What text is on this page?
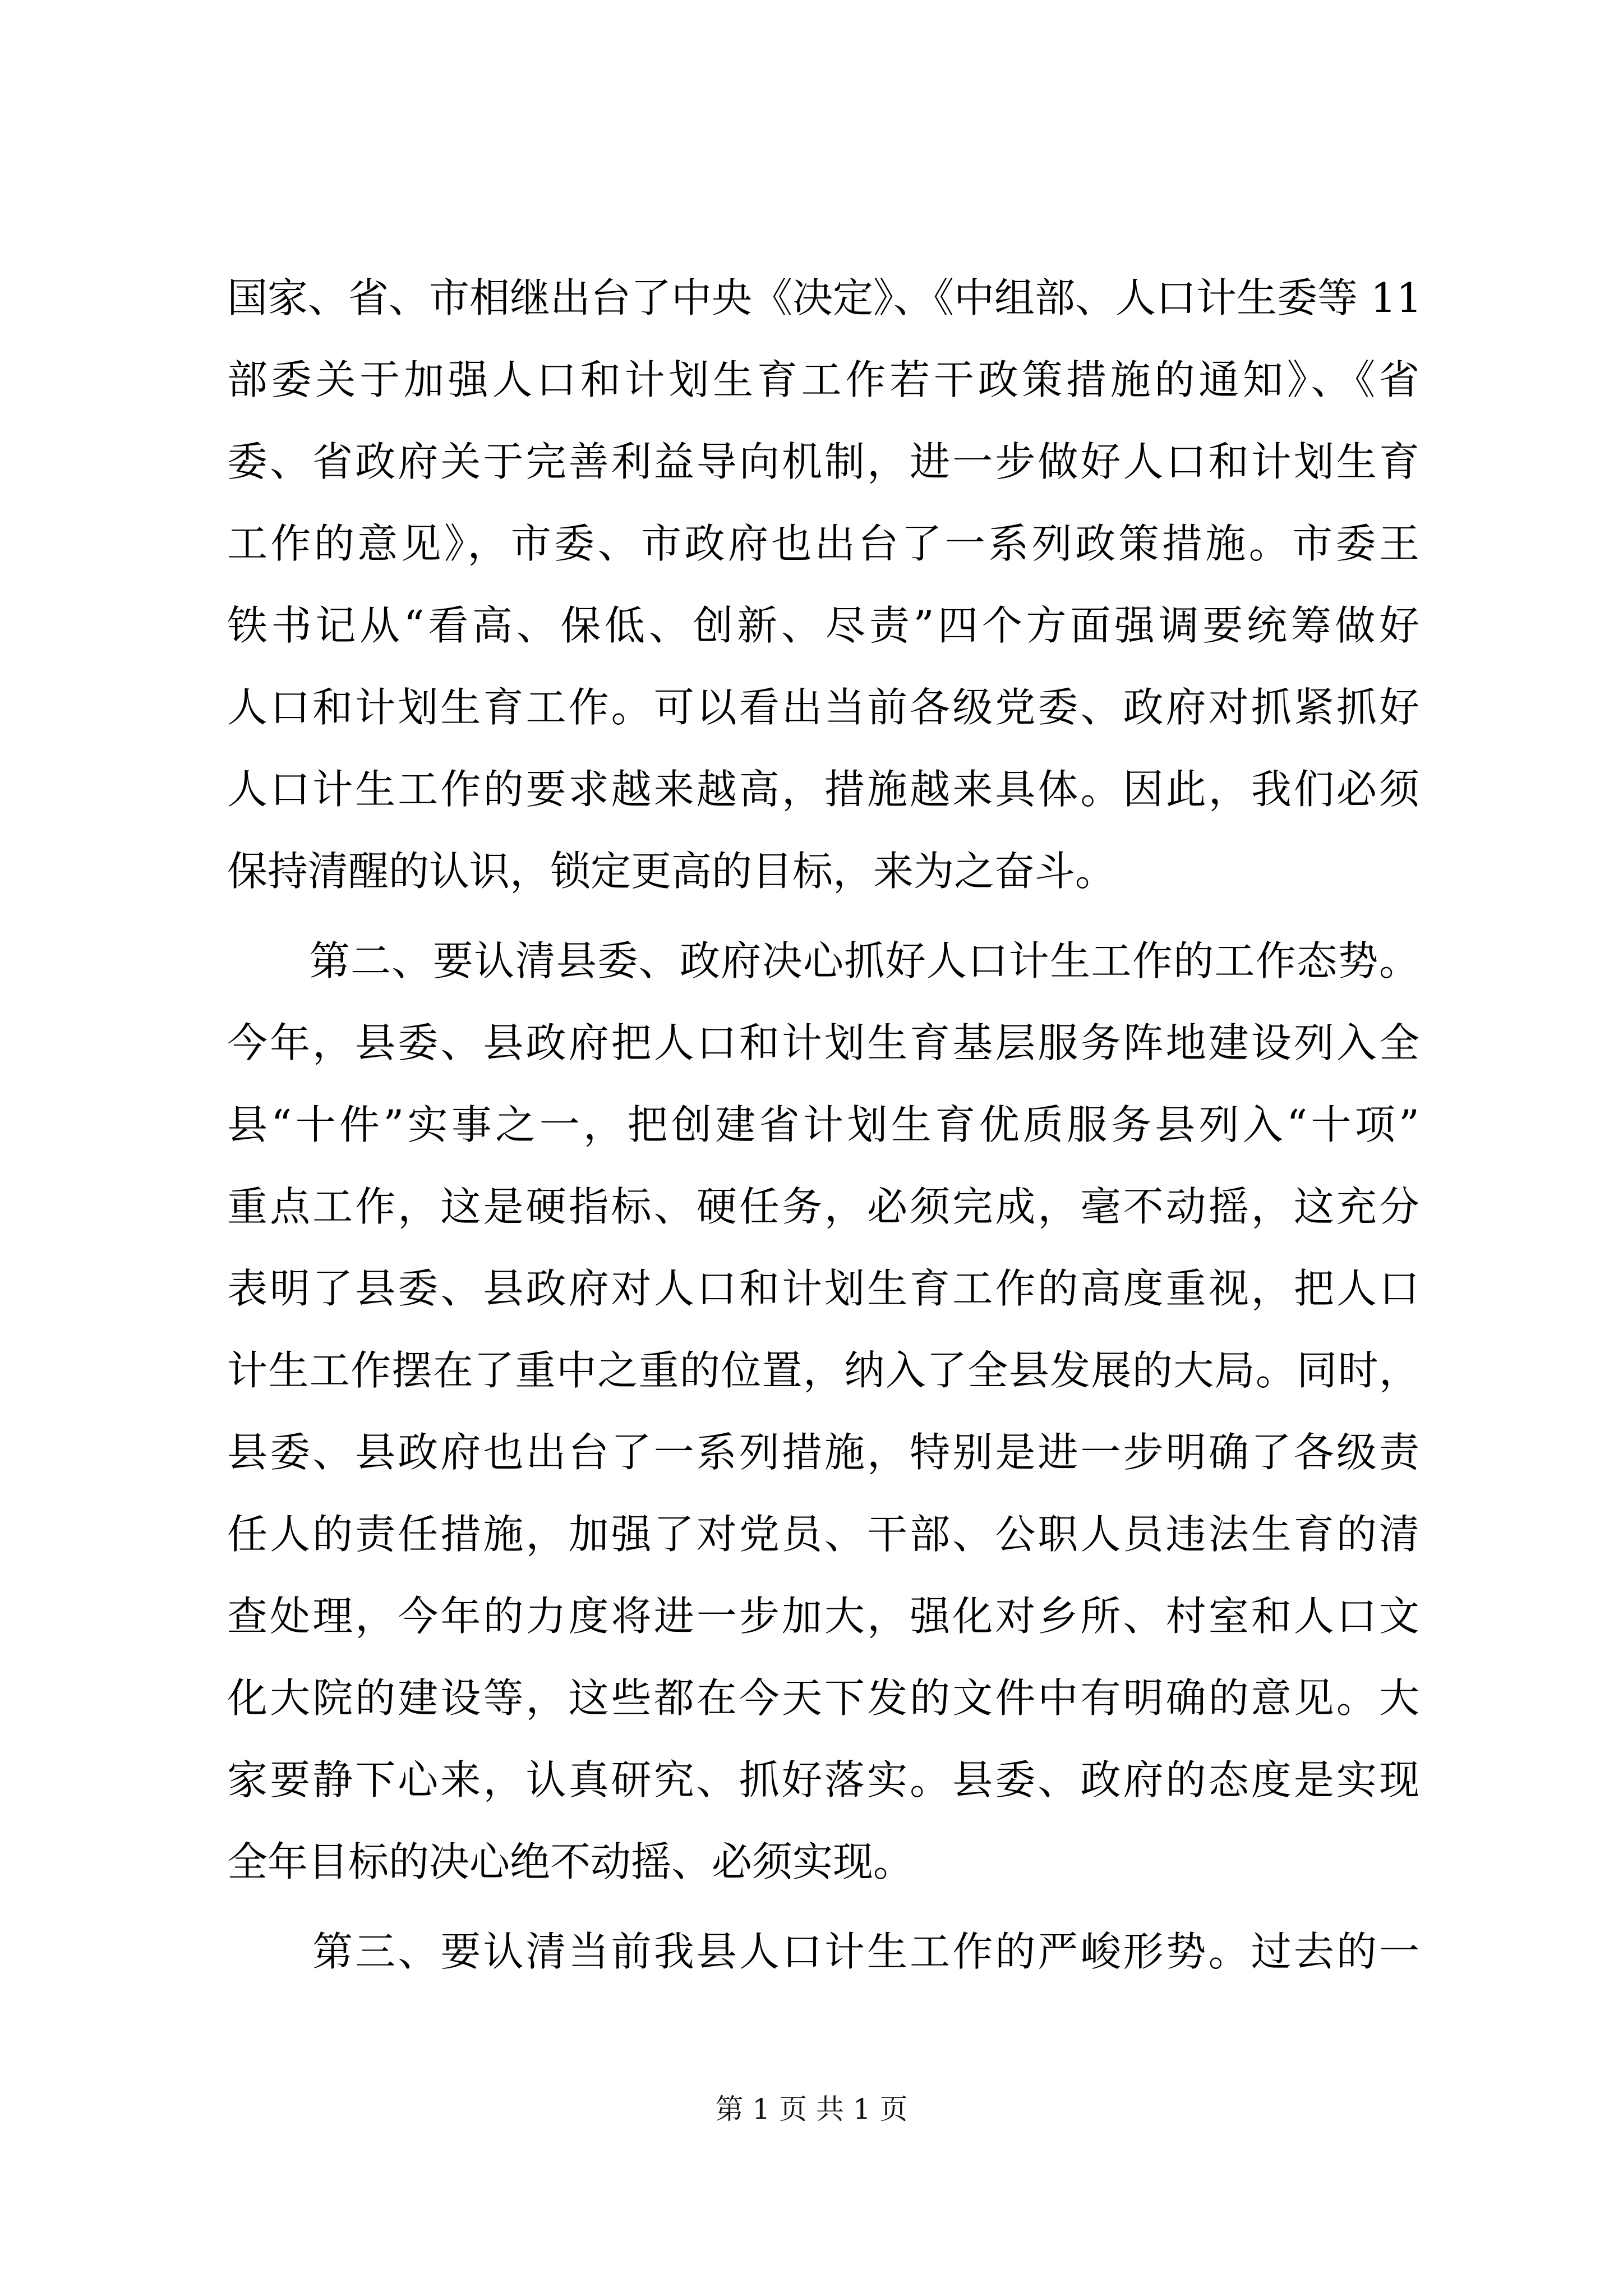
国家、省、市相继出台了中央《决定》、《中组部、人口计生委等 11
部委关于加强人口和计划生育工作若干政策措施的通知》、《省
委、省政府关于完善利益导向机制，进一步做好人口和计划生育
工作的意见》，市委、市政府也出台了一系列政策措施。市委王
铁书记从“看高、保低、创新、尽责”四个方面强调要统筹做好
人口和计划生育工作。可以看出当前各级党委、政府对抓紧抓好
人口计生工作的要求越来越高，措施越来具体。因此，我们必须
保持清醒的认识，锁定更高的目标，来为之奋斗。
　　第二、要认清县委、政府决心抓好人口计生工作的工作态势。
今年，县委、县政府把人口和计划生育基层服务阵地建设列入全
县“十件”实事之一，把创建省计划生育优质服务县列入“十项”
重点工作，这是硬指标、硬任务，必须完成，毫不动摇，这充分
表明了县委、县政府对人口和计划生育工作的高度重视，把人口
计生工作摆在了重中之重的位置，纳入了全县发展的大局。同时，
县委、县政府也出台了一系列措施，特别是进一步明确了各级责
任人的责任措施，加强了对党员、干部、公职人员违法生育的清
查处理，今年的力度将进一步加大，强化对乡所、村室和人口文
化大院的建设等，这些都在今天下发的文件中有明确的意见。大
家要静下心来，认真研究、抓好落实。县委、政府的态度是实现
全年目标的决心绝不动摇、必须实现。
　　第三、要认清当前我县人口计生工作的严峻形势。过去的一
第 1 页 共 1 页
